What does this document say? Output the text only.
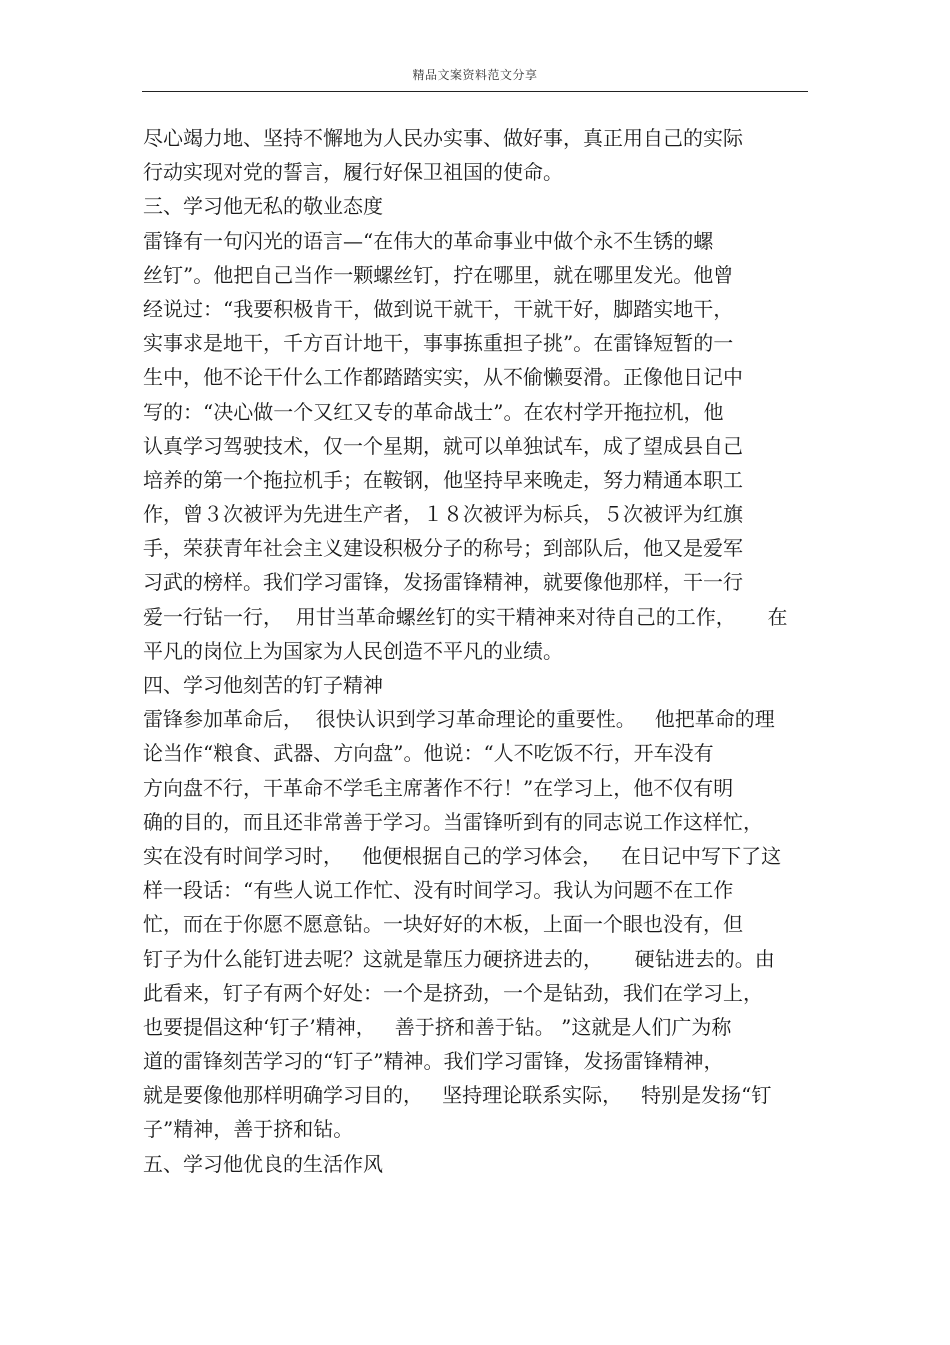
精品文案资料范文分享
尽心竭力地、坚持不懈地为人民办实事、做好事，真正用自己的实际
行动实现对党的誓言，履行好保卫祖国的使命。
三、学习他无私的敬业态度
雷锋有一句闪光的语言—“在伟大的革命事业中做个永不生锈的螺
丝钉”。他把自己当作一颗螺丝钉，拧在哪里，就在哪里发光。他曾
经说过：“我要积极肯干，做到说干就干，干就干好，脚踏实地干，
实事求是地干，千方百计地干，事事拣重担子挑”。在雷锋短暂的一
生中，他不论干什么工作都踏踏实实，从不偷懒耍滑。正像他日记中
写的：“决心做一个又红又专的革命战士”。在农村学开拖拉机，他
认真学习驾驶技术，仅一个星期，就可以单独试车，成了望成县自己
培养的第一个拖拉机手；在鞍钢，他坚持早来晚走，努力精通本职工
作，曾３次被评为先进生产者，１８次被评为标兵，５次被评为红旗
手，荣获青年社会主义建设积极分子的称号；到部队后，他又是爱军
习武的榜样。我们学习雷锋，发扬雷锋精神，就要像他那样，干一行
爱一行钻一行，  用甘当革命螺丝钉的实干精神来对待自己的工作，     在
平凡的岗位上为国家为人民创造不平凡的业绩。
四、学习他刻苦的钉子精神
雷锋参加革命后，  很快认识到学习革命理论的重要性。   他把革命的理
论当作“粮食、武器、方向盘”。他说：“人不吃饭不行，开车没有
方向盘不行，干革命不学毛主席著作不行！”在学习上，他不仅有明
确的目的，而且还非常善于学习。当雷锋听到有的同志说工作这样忙，
实在没有时间学习时，   他便根据自己的学习体会，   在日记中写下了这
样一段话：“有些人说工作忙、没有时间学习。我认为问题不在工作
忙，而在于你愿不愿意钻。一块好好的木板，上面一个眼也没有，但
钉子为什么能钉进去呢？这就是靠压力硬挤进去的，     硬钻进去的。由
此看来，钉子有两个好处：一个是挤劲，一个是钻劲，我们在学习上，
也要提倡这种‘钉子’精神，   善于挤和善于钻。 ”这就是人们广为称
道的雷锋刻苦学习的“钉子”精神。我们学习雷锋，发扬雷锋精神，
就是要像他那样明确学习目的，   坚持理论联系实际，   特别是发扬“钉
子”精神，善于挤和钻。
五、学习他优良的生活作风
